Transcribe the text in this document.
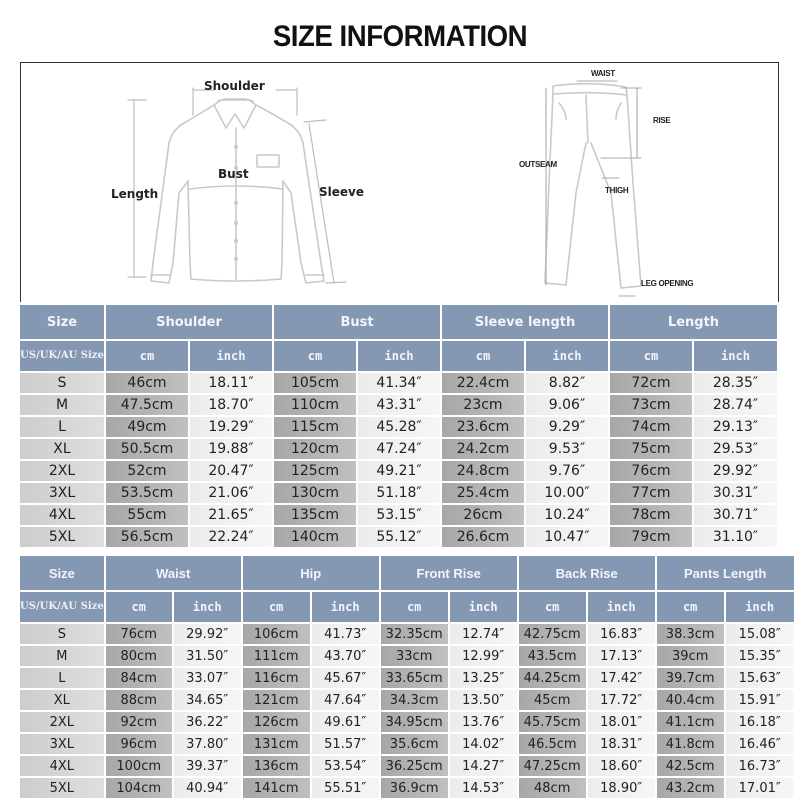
SIZE INFORMATION
Shoulder
Bust
Length	Sleeve
WAIST
RISE
OUTSEAM
THIGH
LEG OPENING
Size	Shoulder		Bust		Sleeve length		Length	
US/UK/AU Size	cm	inch	cm	inch	cm	inch	cm	inch
S	46cm	18.11″	105cm	41.34″	22.4cm	8.82″	72cm	28.35″
M	47.5cm	18.70″	110cm	43.31″	23cm	9.06″	73cm	28.74″
L	49cm	19.29″	115cm	45.28″	23.6cm	9.29″	74cm	29.13″
XL	50.5cm	19.88″	120cm	47.24″	24.2cm	9.53″	75cm	29.53″
2XL	52cm	20.47″	125cm	49.21″	24.8cm	9.76″	76cm	29.92″
3XL	53.5cm	21.06″	130cm	51.18″	25.4cm	10.00″	77cm	30.31″
4XL	55cm	21.65″	135cm	53.15″	26cm	10.24″	78cm	30.71″
5XL	56.5cm	22.24″	140cm	55.12″	26.6cm	10.47″	79cm	31.10″
Size	Waist		Hip		Front Rise		Back Rise		Pants Length	
US/UK/AU Size	cm	inch	cm	inch	cm	inch	cm	inch	cm	inch
S	76cm	29.92″	106cm	41.73″	32.35cm	12.74″	42.75cm	16.83″	38.3cm	15.08″
M	80cm	31.50″	111cm	43.70″	33cm	12.99″	43.5cm	17.13″	39cm	15.35″
L	84cm	33.07″	116cm	45.67″	33.65cm	13.25″	44.25cm	17.42″	39.7cm	15.63″
XL	88cm	34.65″	121cm	47.64″	34.3cm	13.50″	45cm	17.72″	40.4cm	15.91″
2XL	92cm	36.22″	126cm	49.61″	34.95cm	13.76″	45.75cm	18.01″	41.1cm	16.18″
3XL	96cm	37.80″	131cm	51.57″	35.6cm	14.02″	46.5cm	18.31″	41.8cm	16.46″
4XL	100cm	39.37″	136cm	53.54″	36.25cm	14.27″	47.25cm	18.60″	42.5cm	16.73″
5XL	104cm	40.94″	141cm	55.51″	36.9cm	14.53″	48cm	18.90″	43.2cm	17.01″
